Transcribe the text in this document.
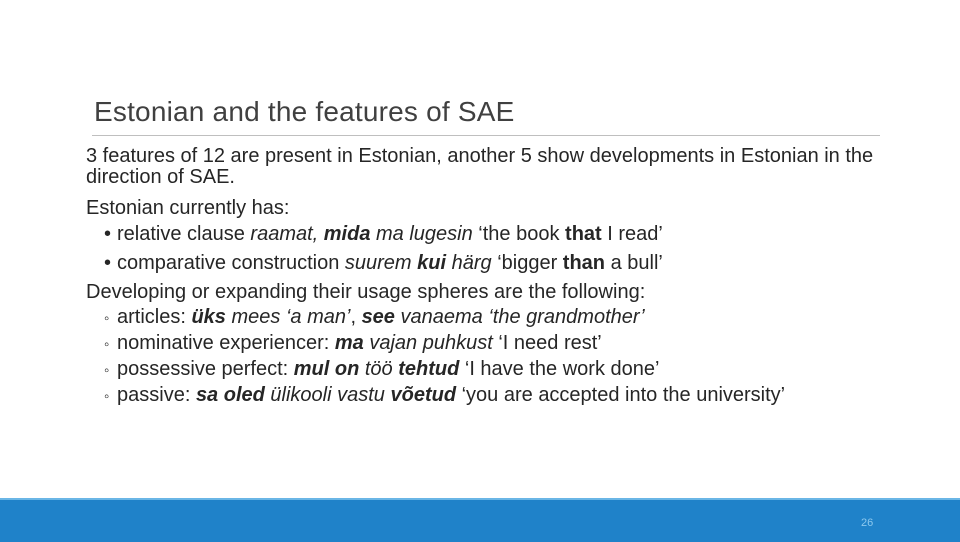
Estonian and the features of SAE

3 features of 12 are present in Estonian, another 5 show developments in Estonian in the direction of SAE.

Estonian currently has:

• relative clause raamat, mida ma lugesin ‘the book that I read’
• comparative construction suurem kui härg ‘bigger than a bull’

Developing or expanding their usage spheres are the following:

◦ articles: üks mees ‘a man’, see vanaema ‘the grandmother’
◦ nominative experiencer: ma vajan puhkust ‘I need rest’
◦ possessive perfect: mul on töö tehtud ‘I have the work done’
◦ passive: sa oled ülikooli vastu võetud ‘you are accepted into the university’
26
